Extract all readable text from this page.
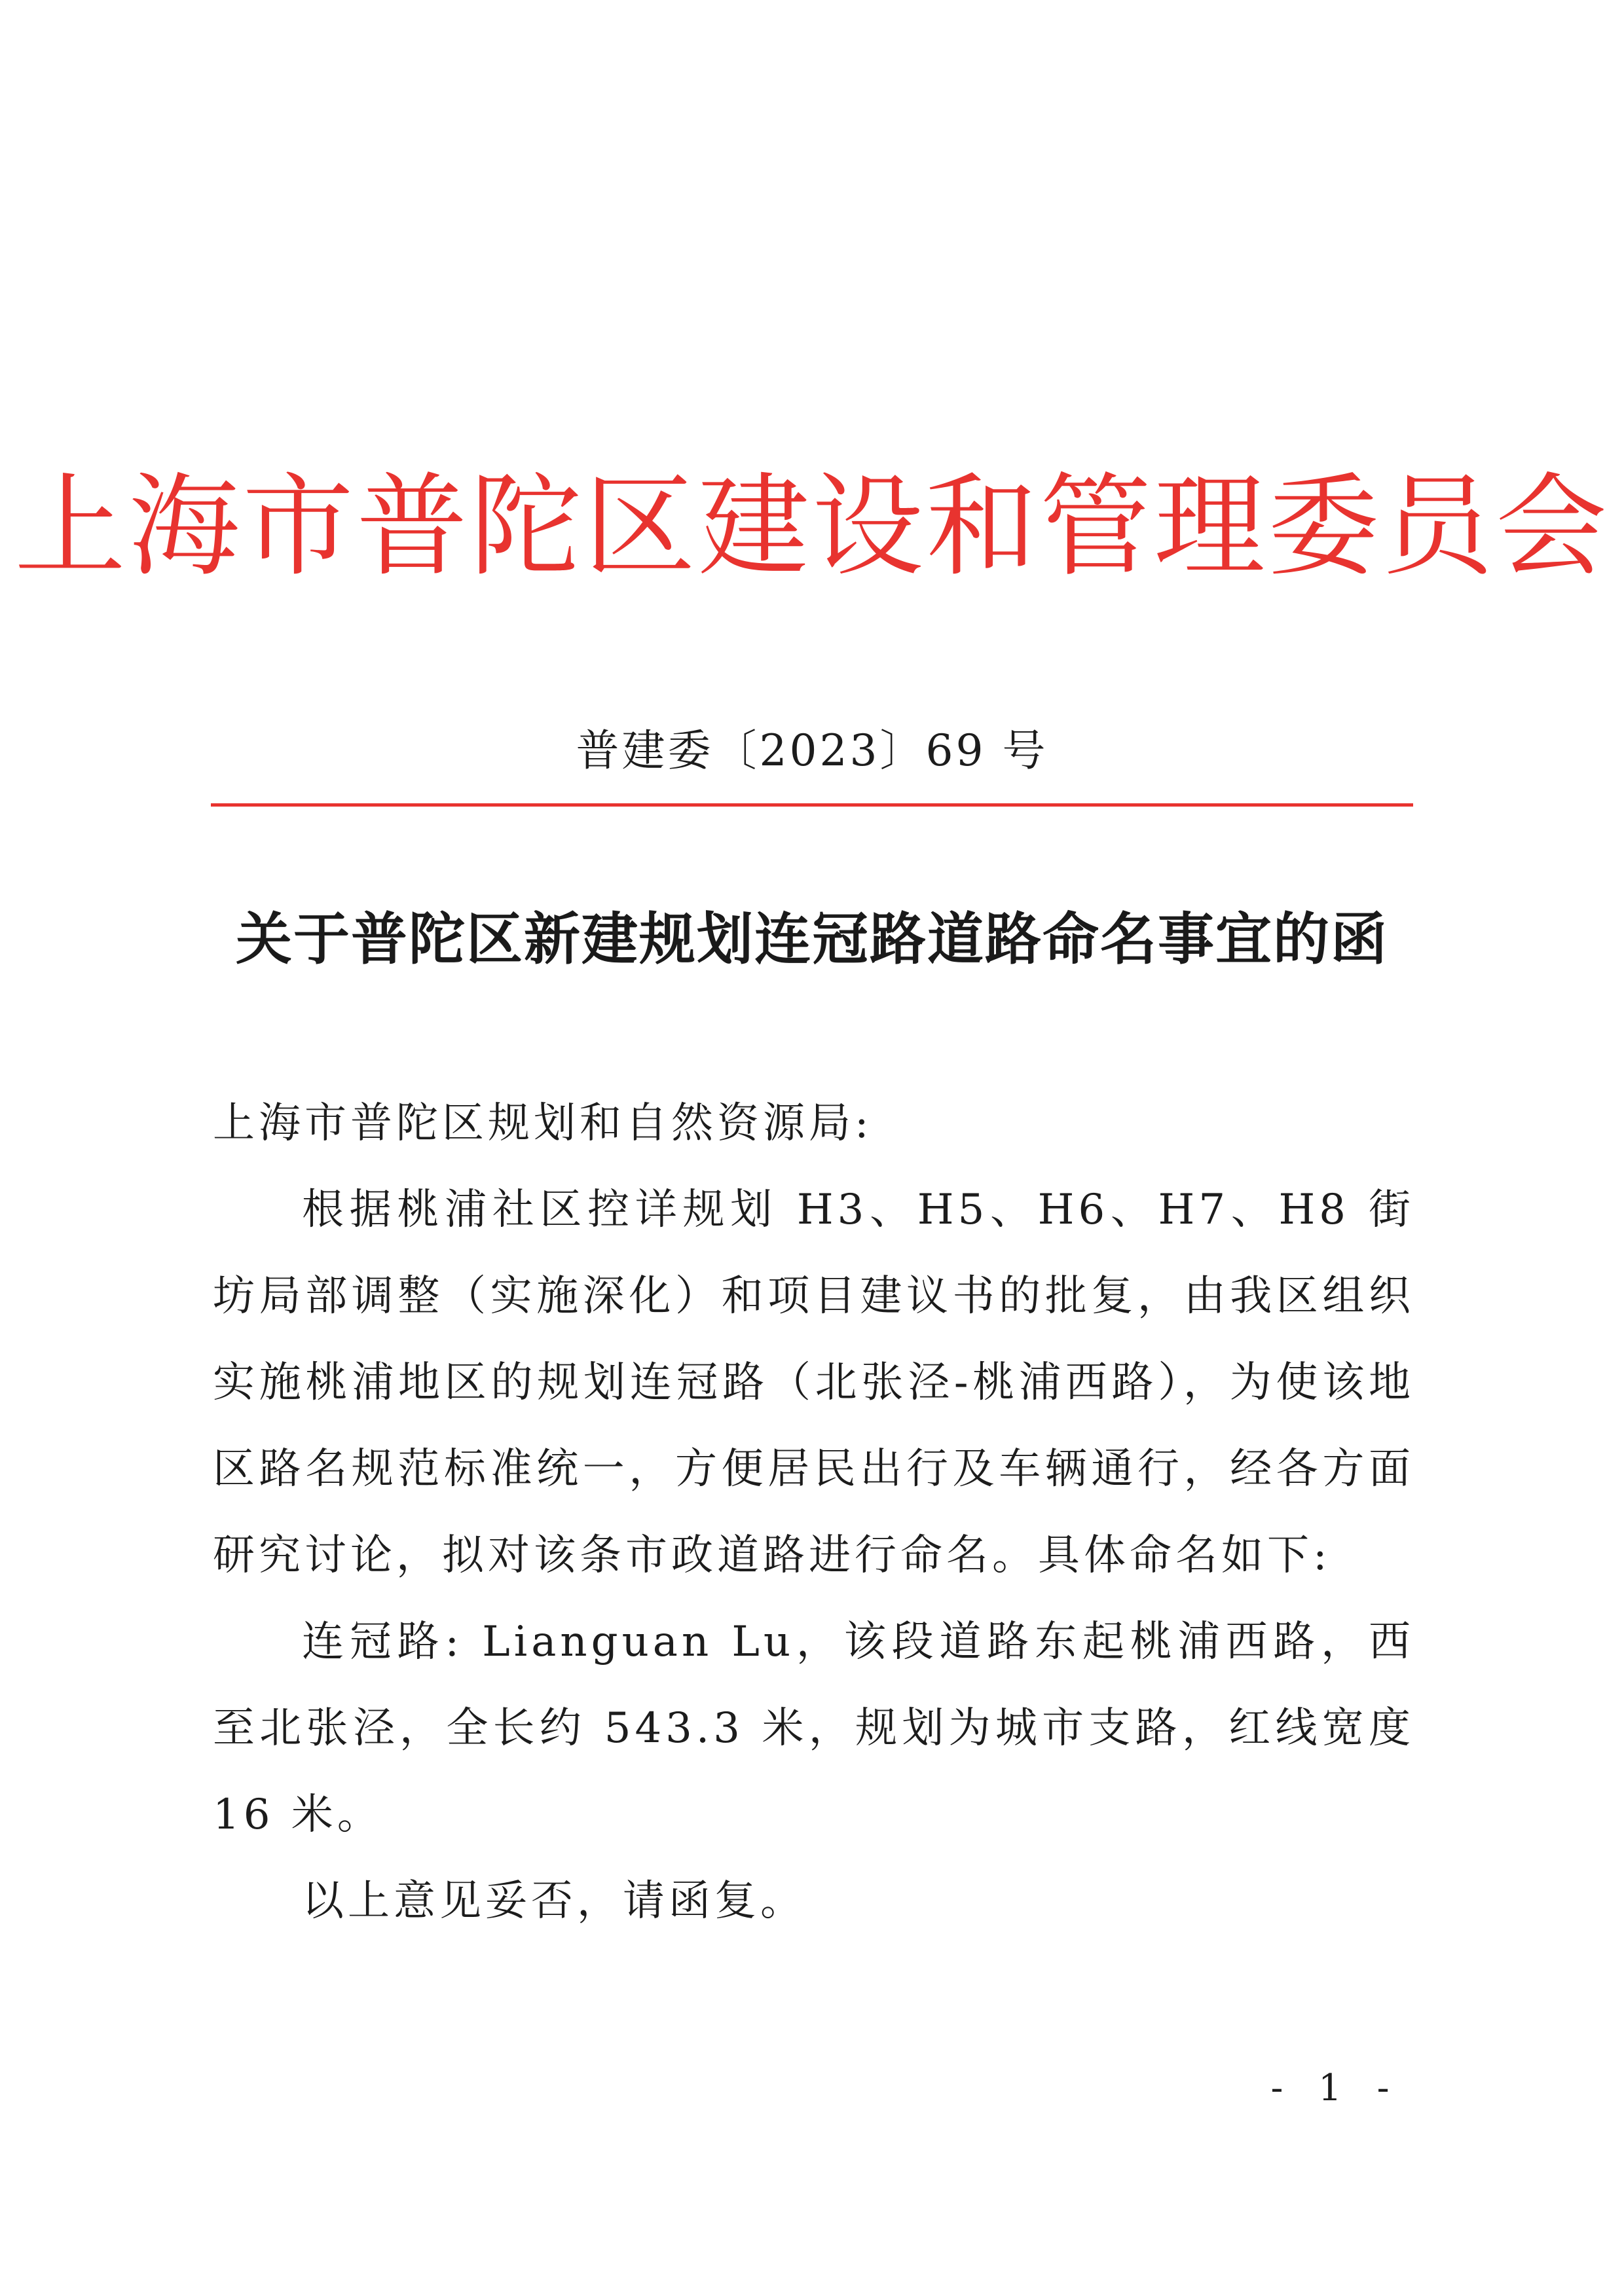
上海市普陀区建设和管理委员会
普建委〔2023〕69 号
关于普陀区新建规划连冠路道路命名事宜的函

上海市普陀区规划和自然资源局:

根据桃浦社区控详规划 H3、H5、H6、H7、H8 街坊局部调整（实施深化）和项目建议书的批复，由我区组织实施桃浦地区的规划连冠路（北张泾-桃浦西路），为使该地区路名规范标准统一，方便居民出行及车辆通行，经各方面研究讨论，拟对该条市政道路进行命名。具体命名如下:

连冠路: Lianguan Lu，该段道路东起桃浦西路，西至北张泾，全长约 543.3 米，规划为城市支路，红线宽度 16 米。

以上意见妥否，请函复。

- 1 -
